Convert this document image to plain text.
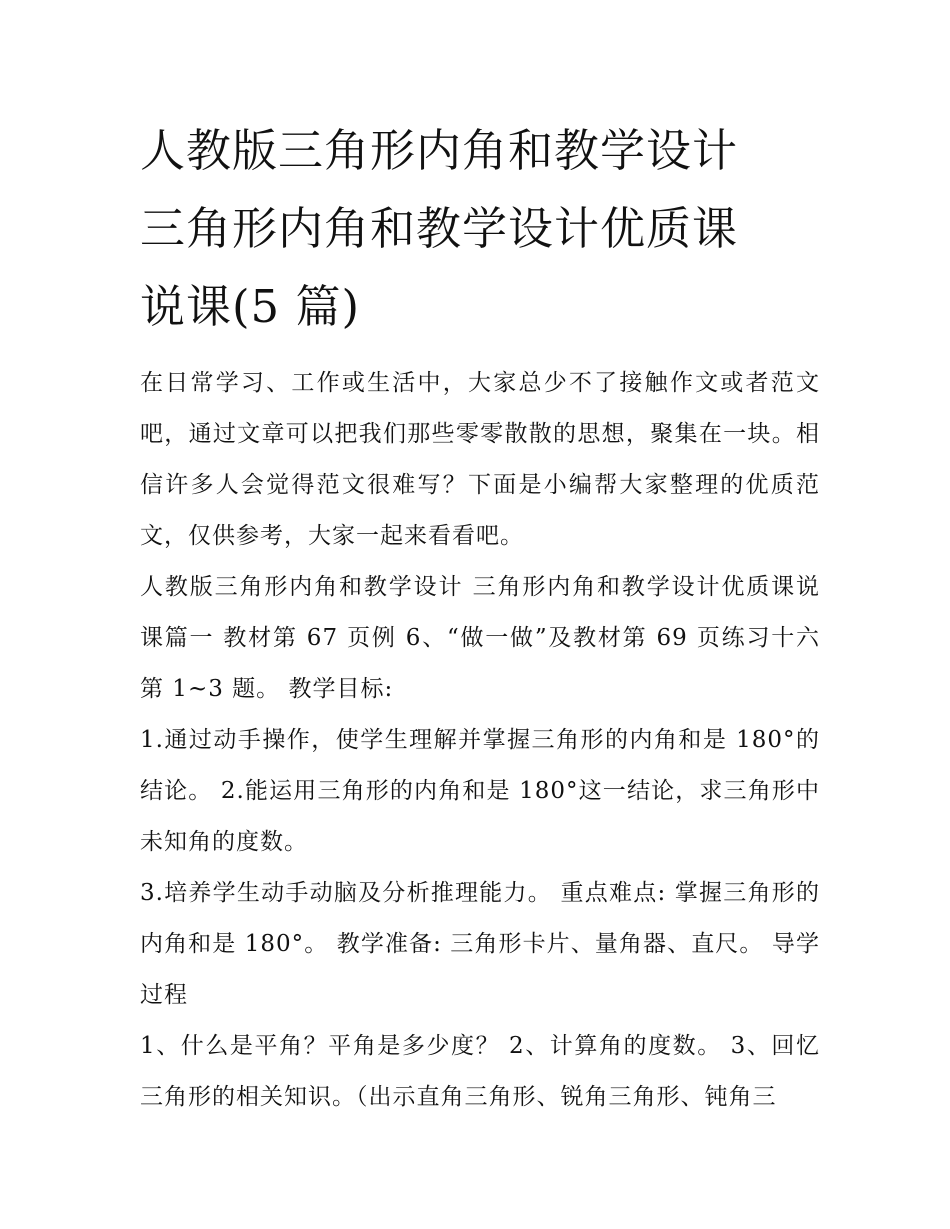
人教版三角形内角和教学设计
三角形内角和教学设计优质课
说课(5 篇)

在日常学习、工作或生活中，大家总少不了接触作文或者范文吧，通过文章可以把我们那些零零散散的思想，聚集在一块。相信许多人会觉得范文很难写？下面是小编帮大家整理的优质范文，仅供参考，大家一起来看看吧。

人教版三角形内角和教学设计 三角形内角和教学设计优质课说课篇一 教材第 67 页例 6、“做一做”及教材第 69 页练习十六第 1~3 题。 教学目标:

1.通过动手操作，使学生理解并掌握三角形的内角和是 180°的结论。 2.能运用三角形的内角和是 180°这一结论，求三角形中未知角的度数。

3.培养学生动手动脑及分析推理能力。 重点难点: 掌握三角形的内角和是 180°。 教学准备: 三角形卡片、量角器、直尺。 导学过程

1、什么是平角？平角是多少度？ 2、计算角的度数。 3、回忆三角形的相关知识。（出示直角三角形、锐角三角形、钝角三
